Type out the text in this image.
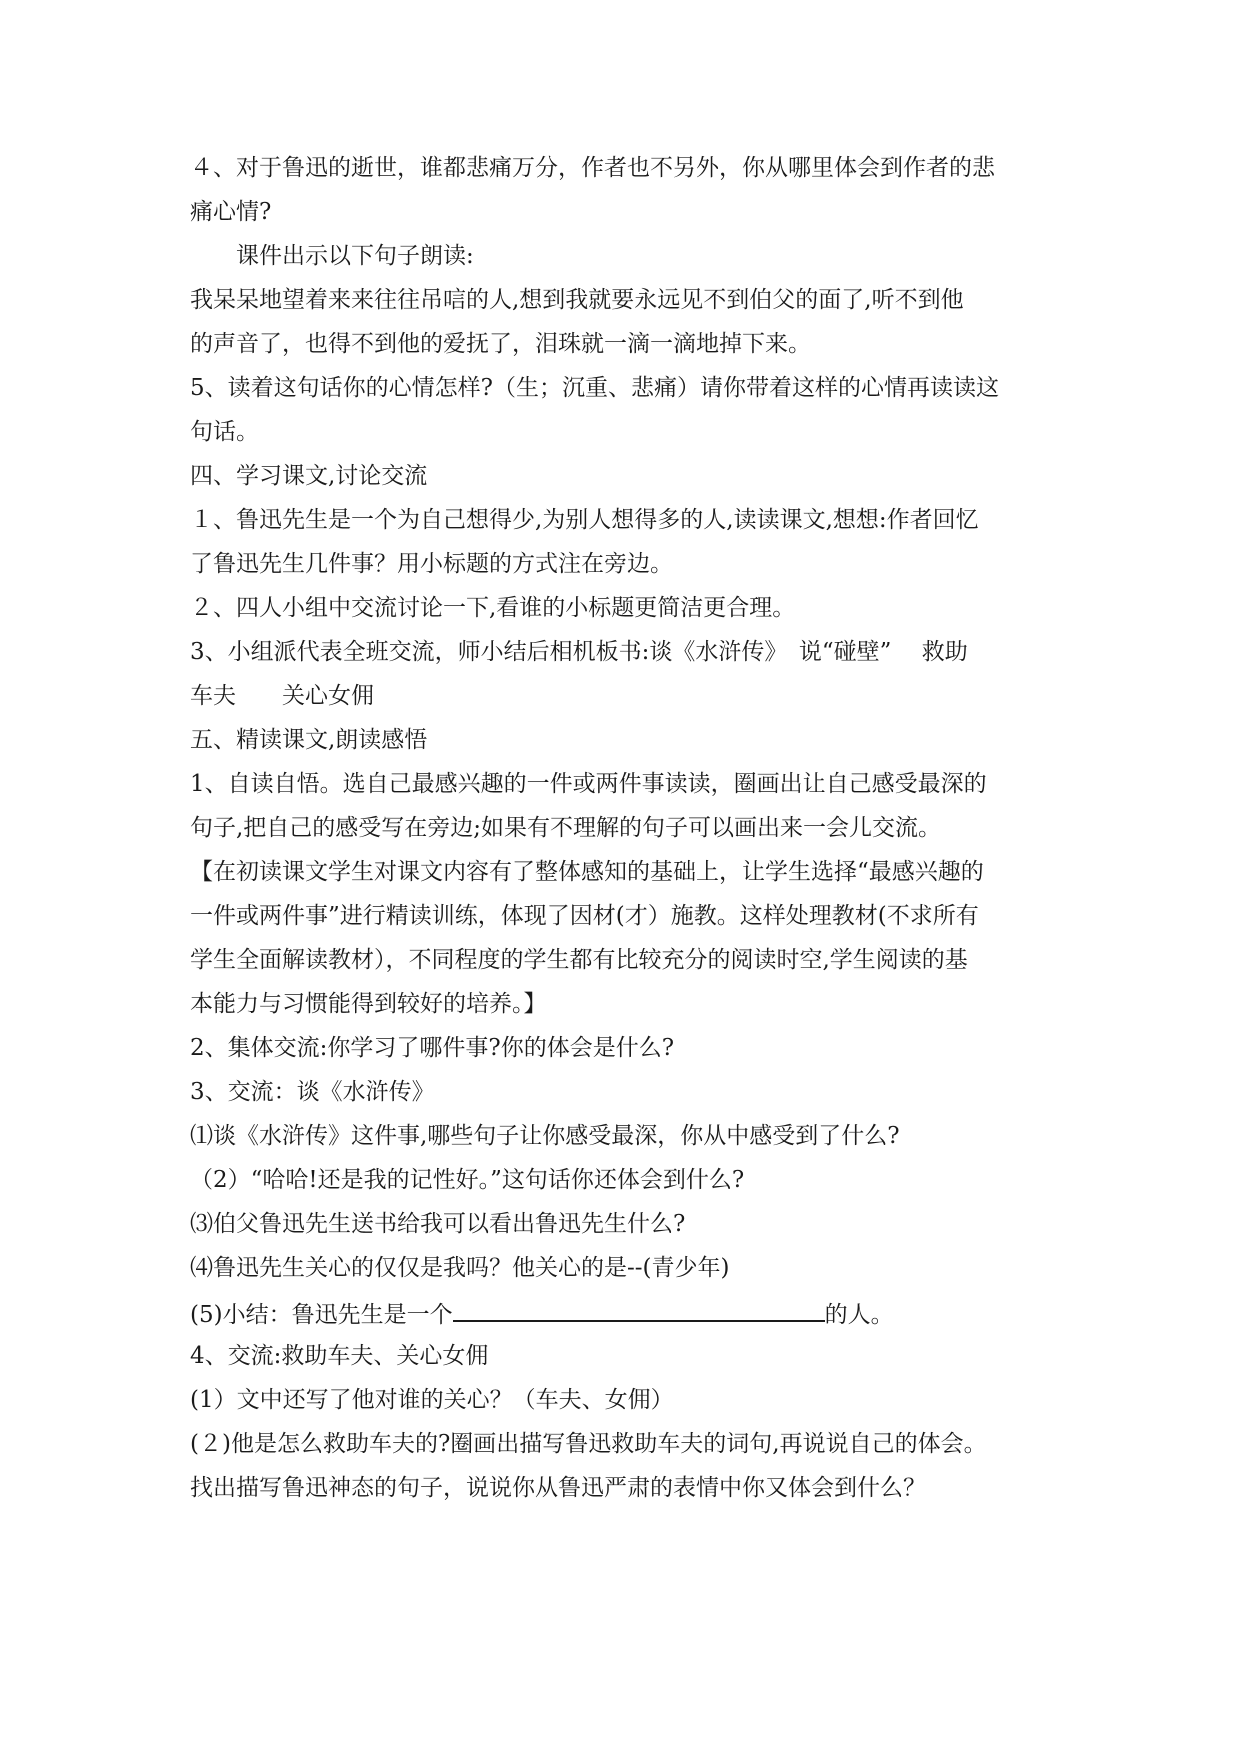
４、对于鲁迅的逝世，谁都悲痛万分，作者也不另外，你从哪里体会到作者的悲
痛心情?
　　课件出示以下句子朗读:
我呆呆地望着来来往往吊唁的人,想到我就要永远见不到伯父的面了,听不到他
的声音了，也得不到他的爱抚了，泪珠就一滴一滴地掉下来。
5、读着这句话你的心情怎样?（生；沉重、悲痛）请你带着这样的心情再读读这
句话。
四、学习课文,讨论交流
１、鲁迅先生是一个为自己想得少,为别人想得多的人,读读课文,想想:作者回忆
了鲁迅先生几件事？用小标题的方式注在旁边。
２、四人小组中交流讨论一下,看谁的小标题更简洁更合理。
3、小组派代表全班交流，师小结后相机板书:谈《水浒传》　说“碰壁”　 救助
车夫　　关心女佣
五、精读课文,朗读感悟
1、自读自悟。选自己最感兴趣的一件或两件事读读，圈画出让自己感受最深的
句子,把自己的感受写在旁边;如果有不理解的句子可以画出来一会儿交流。
【在初读课文学生对课文内容有了整体感知的基础上，让学生选择“最感兴趣的
一件或两件事”进行精读训练，体现了因材(才）施教。这样处理教材(不求所有
学生全面解读教材），不同程度的学生都有比较充分的阅读时空,学生阅读的基
本能力与习惯能得到较好的培养。】
2、集体交流:你学习了哪件事?你的体会是什么?
3、交流：谈《水浒传》
⑴谈《水浒传》这件事,哪些句子让你感受最深，你从中感受到了什么?
（2）“哈哈!还是我的记性好。”这句话你还体会到什么?
⑶伯父鲁迅先生送书给我可以看出鲁迅先生什么?
⑷鲁迅先生关心的仅仅是我吗？他关心的是--(青少年)
(5)小结：鲁迅先生是一个	的人。
4、交流:救助车夫、关心女佣
(1）文中还写了他对谁的关心？（车夫、女佣）
(２)他是怎么救助车夫的?圈画出描写鲁迅救助车夫的词句,再说说自己的体会。
找出描写鲁迅神态的句子，说说你从鲁迅严肃的表情中你又体会到什么？
